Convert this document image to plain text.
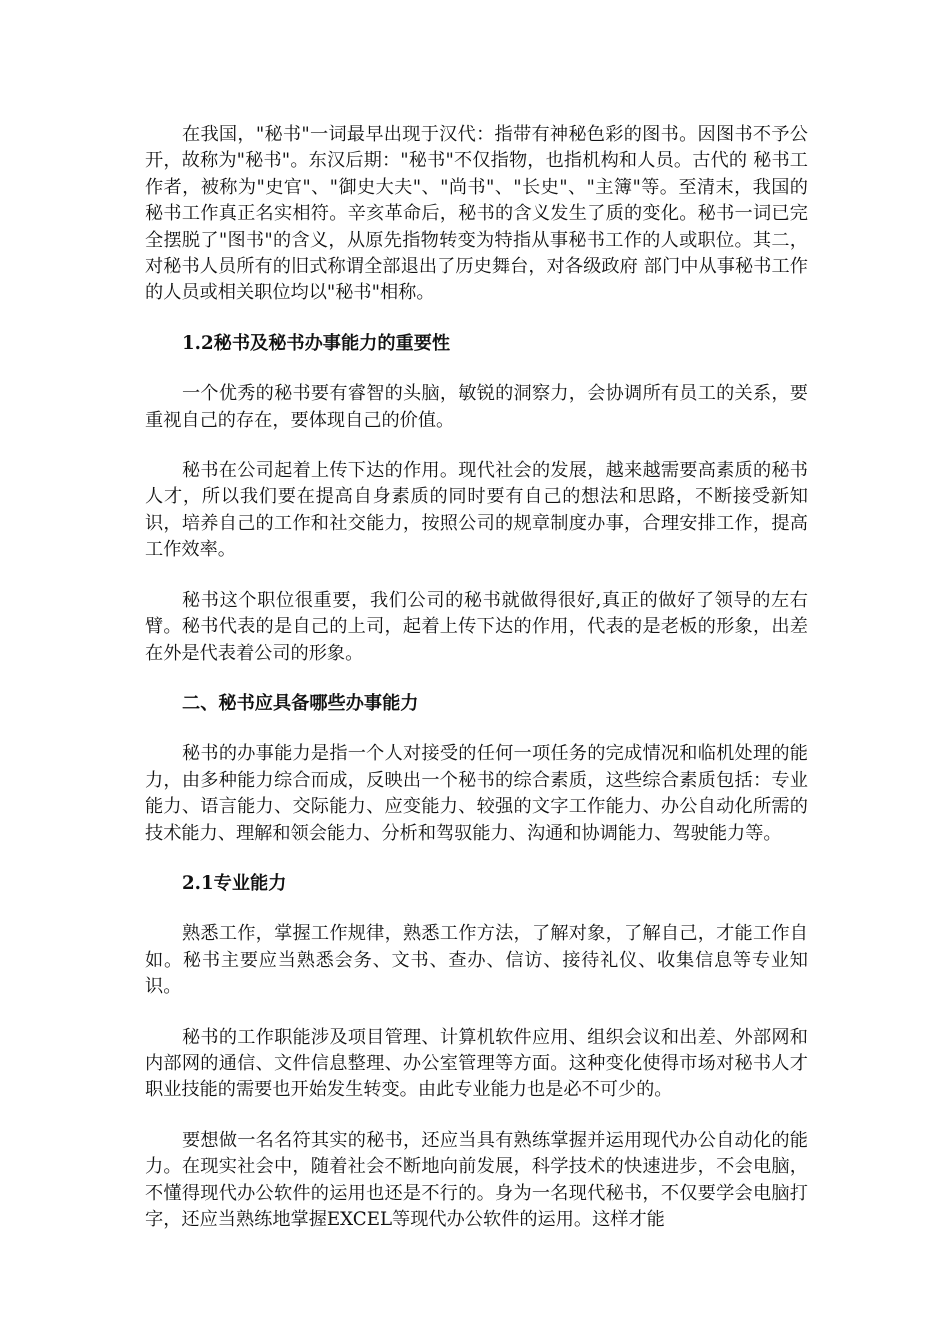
在我国，"秘书"一词最早出现于汉代：指带有神秘色彩的图书。因图书不予公开，故称为"秘书"。东汉后期："秘书"不仅指物，也指机构和人员。古代的 秘书工作者，被称为"史官"、"御史大夫"、"尚书"、"长史"、"主簿"等。至清末，我国的秘书工作真正名实相符。辛亥革命后，秘书的含义发生了质的变化。秘书一词已完全摆脱了"图书"的含义，从原先指物转变为特指从事秘书工作的人或职位。其二，对秘书人员所有的旧式称谓全部退出了历史舞台，对各级政府 部门中从事秘书工作的人员或相关职位均以"秘书"相称。

1.2秘书及秘书办事能力的重要性

一个优秀的秘书要有睿智的头脑，敏锐的洞察力，会协调所有员工的关系，要重视自己的存在，要体现自己的价值。

秘书在公司起着上传下达的作用。现代社会的发展，越来越需要高素质的秘书人才，所以我们要在提高自身素质的同时要有自己的想法和思路，不断接受新知识，培养自己的工作和社交能力，按照公司的规章制度办事，合理安排工作，提高工作效率。

秘书这个职位很重要，我们公司的秘书就做得很好,真正的做好了领导的左右臂。秘书代表的是自己的上司，起着上传下达的作用，代表的是老板的形象，出差在外是代表着公司的形象。

二、秘书应具备哪些办事能力

秘书的办事能力是指一个人对接受的任何一项任务的完成情况和临机处理的能力，由多种能力综合而成，反映出一个秘书的综合素质，这些综合素质包括：专业 能力、语言能力、交际能力、应变能力、较强的文字工作能力、办公自动化所需的技术能力、理解和领会能力、分析和驾驭能力、沟通和协调能力、驾驶能力等。

2.1专业能力

熟悉工作，掌握工作规律，熟悉工作方法，了解对象，了解自己，才能工作自如。秘书主要应当熟悉会务、文书、查办、信访、接待礼仪、收集信息等专业知识。

秘书的工作职能涉及项目管理、计算机软件应用、组织会议和出差、外部网和内部网的通信、文件信息整理、办公室管理等方面。这种变化使得市场对秘书人才职业技能的需要也开始发生转变。由此专业能力也是必不可少的。

要想做一名名符其实的秘书，还应当具有熟练掌握并运用现代办公自动化的能力。在现实社会中，随着社会不断地向前发展，科学技术的快速进步，不会电脑， 不懂得现代办公软件的运用也还是不行的。身为一名现代秘书，不仅要学会电脑打字，还应当熟练地掌握EXCEL等现代办公软件的运用。这样才能
